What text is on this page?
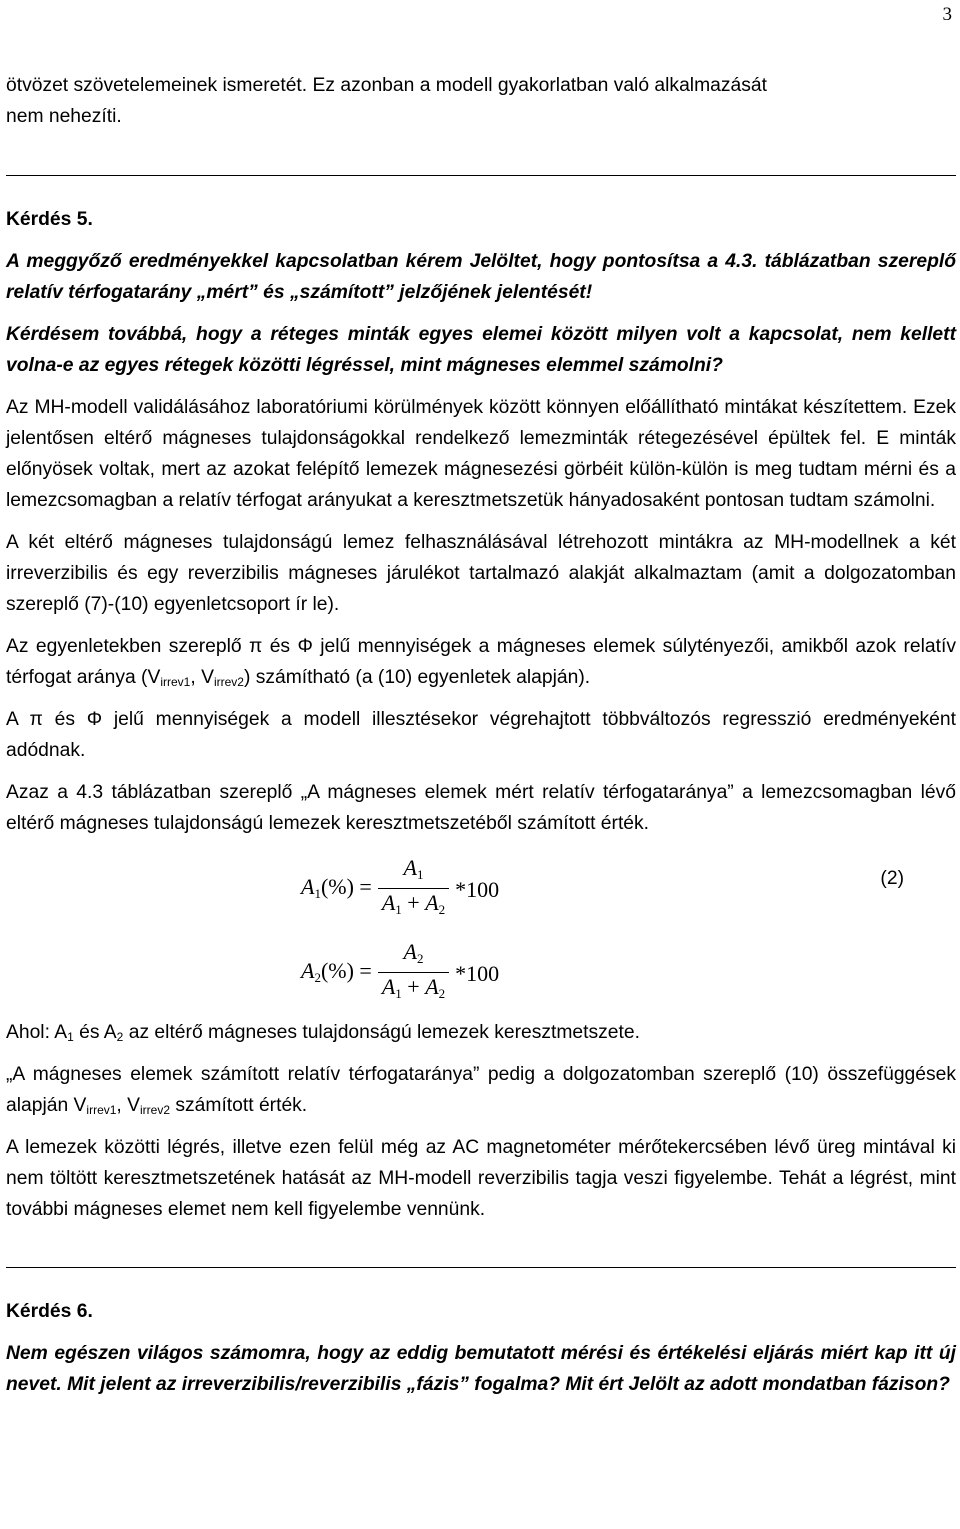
3

ötvözet szövetelemeinek ismeretét. Ez azonban a modell gyakorlatban való alkalmazását
nem nehezíti.

Kérdés 5.

A meggyőző eredményekkel kapcsolatban kérem Jelöltet, hogy pontosítsa a 4.3. táblázatban szereplő relatív térfogatarány „mért” és „számított” jelzőjének jelentését!

Kérdésem továbbá, hogy a réteges minták egyes elemei között milyen volt a kapcsolat, nem kellett volna-e az egyes rétegek közötti légréssel, mint mágneses elemmel számolni?

Az MH-modell validálásához laboratóriumi körülmények között könnyen előállítható mintákat készítettem. Ezek jelentősen eltérő mágneses tulajdonságokkal rendelkező lemezminták rétegezésével épültek fel. E minták előnyösek voltak, mert az azokat felépítő lemezek mágnesezési görbéit külön-külön is meg tudtam mérni és a lemezcsomagban a relatív térfogat arányukat a keresztmetszetük hányadosaként pontosan tudtam számolni.

A két eltérő mágneses tulajdonságú lemez felhasználásával létrehozott mintákra az MH-modellnek a két irreverzibilis és egy reverzibilis mágneses járulékot tartalmazó alakját alkalmaztam (amit a dolgozatomban szereplő (7)-(10) egyenletcsoport ír le).

Az egyenletekben szereplő π és Φ jelű mennyiségek a mágneses elemek súlytényezői, amikből azok relatív térfogat aránya ($V_{irrev1}$, $V_{irrev2}$) számítható (a (10) egyenletek alapján).

A π és Φ jelű mennyiségek a modell illesztésekor végrehajtott többváltozós regresszió eredményeként adódnak.

Azaz a 4.3 táblázatban szereplő „A mágneses elemek mért relatív térfogataránya” a lemezcsomagban lévő eltérő mágneses tulajdonságú lemezek keresztmetszetéből számított érték.

(2)
$A1(\%) = \frac{A1}{A1 + A2} *100$
$A2(\%) = \frac{A2}{A1 + A2} *100$

Ahol: $A_1$ és $A_2$ az eltérő mágneses tulajdonságú lemezek keresztmetszete.

„A mágneses elemek számított relatív térfogataránya” pedig a dolgozatomban szereplő (10) összefüggések alapján $V_{irrev1}$, $V_{irrev2}$ számított érték.

A lemezek közötti légrés, illetve ezen felül még az AC magnetométer mérőtekercsében lévő üreg mintával ki nem töltött keresztmetszetének hatását az MH-modell reverzibilis tagja veszi figyelembe. Tehát a légrést, mint további mágneses elemet nem kell figyelembe vennünk.

Kérdés 6.

Nem egészen világos számomra, hogy az eddig bemutatott mérési és értékelési eljárás miért kap itt új nevet. Mit jelent az irreverzibilis/reverzibilis „fázis” fogalma? Mit ért Jelölt az adott mondatban fázison?
